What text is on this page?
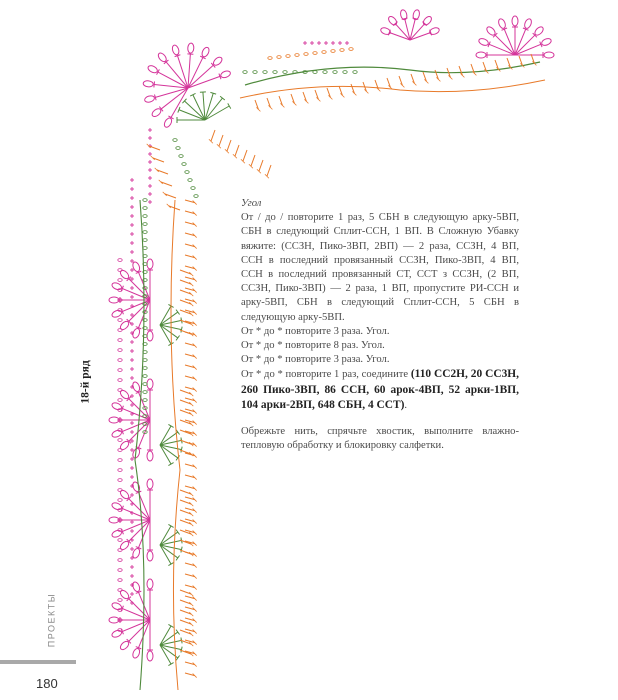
Угол

От / до / повторите 1 раз, 5 СБН в следующую арку-5ВП, СБН в следующий Сплит-ССН, 1 ВП. В Сложную Убавку вяжите: (ССЗН, Пико-3ВП, 2ВП) — 2 раза, ССЗН, 4 ВП, ССН в последний провязанный ССЗН, Пико-3ВП, 4 ВП, ССН в последний провязанный СТ, ССТ з ССЗН, (2 ВП, ССЗН, Пико-3ВП) — 2 раза, 1 ВП, пропустите РИ-ССН и арку-5ВП, СБН в следующий Сплит-ССН, 5 СБН в следующую арку-5ВП.

От * до * повторите 3 раза. Угол.

От * до * повторите 8 раз. Угол.

От * до * повторите 3 раза. Угол.

От * до * повторите 1 раз, соедините (110 СС2Н, 20 СС3Н, 260 Пико-3ВП, 86 ССН, 60 арок-4ВП, 52 арки-1ВП, 104 арки-2ВП, 648 СБН, 4 ССТ).

Обрежьте нить, спрячьте хвостик, выполните влажно-тепловую обработку и блокировку салфетки.

18-й ряд
ПРОЕКТЫ
180
